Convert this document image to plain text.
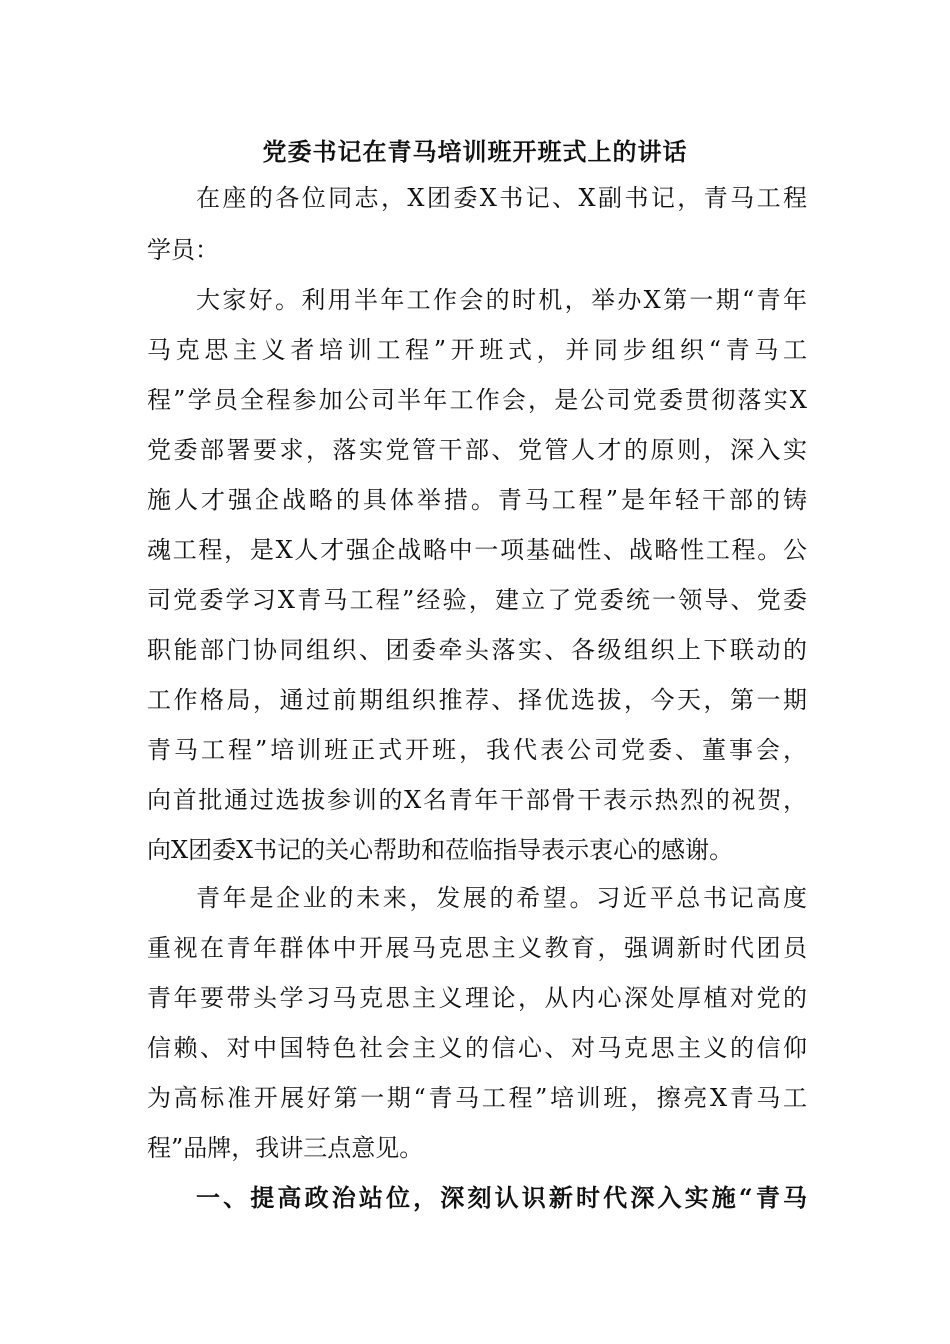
党委书记在青马培训班开班式上的讲话
在座的各位同志，X团委X书记、X副书记，青马工程
学员：
大家好。利用半年工作会的时机，举办X第一期“青年
马克思主义者培训工程”开班式，并同步组织“青马工
程”学员全程参加公司半年工作会，是公司党委贯彻落实X
党委部署要求，落实党管干部、党管人才的原则，深入实
施人才强企战略的具体举措。青马工程”是年轻干部的铸
魂工程，是X人才强企战略中一项基础性、战略性工程。公
司党委学习X青马工程”经验，建立了党委统一领导、党委
职能部门协同组织、团委牵头落实、各级组织上下联动的
工作格局，通过前期组织推荐、择优选拔，今天，第一期
青马工程”培训班正式开班，我代表公司党委、董事会，
向首批通过选拔参训的X名青年干部骨干表示热烈的祝贺，
向X团委X书记的关心帮助和莅临指导表示衷心的感谢。
青年是企业的未来，发展的希望。习近平总书记高度
重视在青年群体中开展马克思主义教育，强调新时代团员
青年要带头学习马克思主义理论，从内心深处厚植对党的
信赖、对中国特色社会主义的信心、对马克思主义的信仰
为高标准开展好第一期“青马工程”培训班，擦亮X青马工
程”品牌，我讲三点意见。
一、提高政治站位，深刻认识新时代深入实施“青马
